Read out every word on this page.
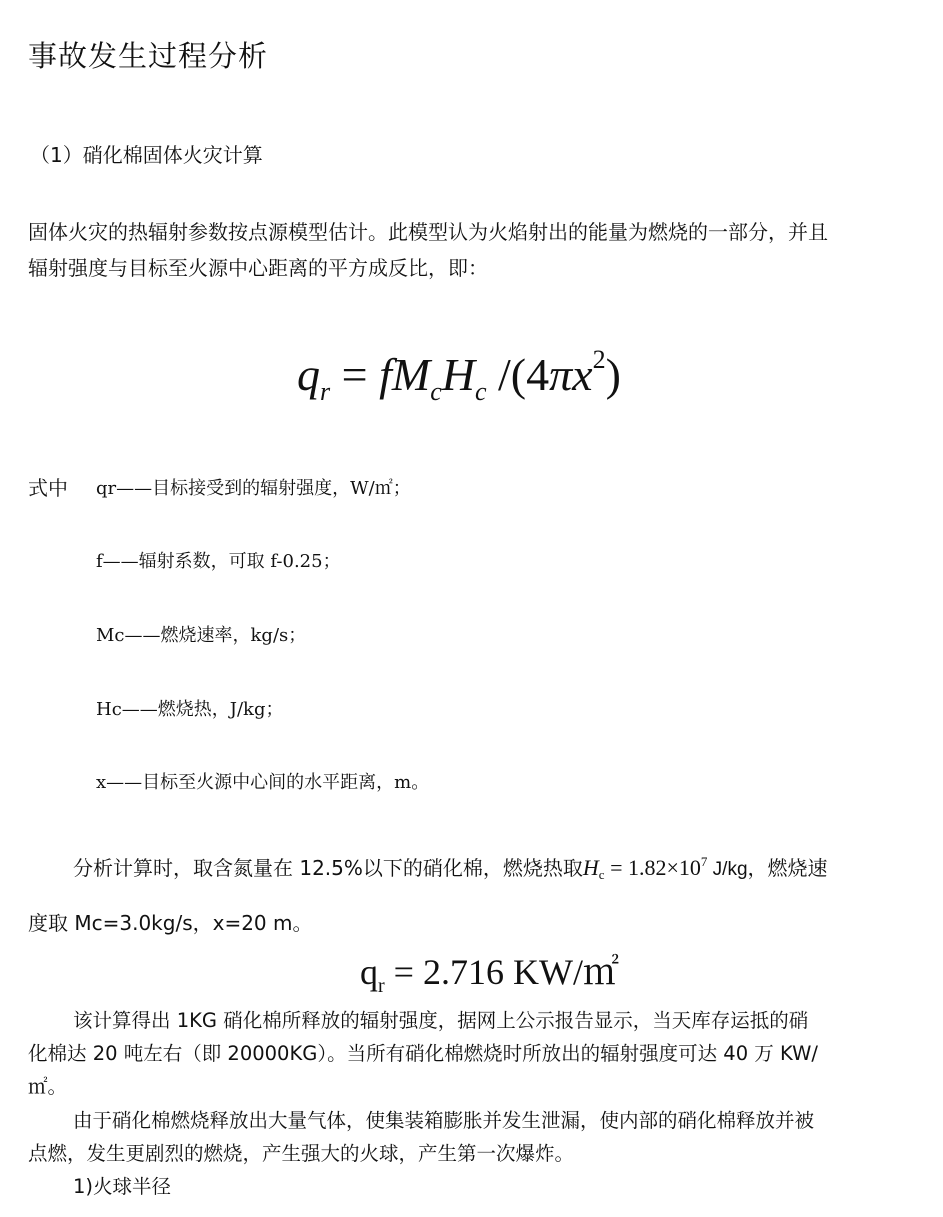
事故发生过程分析
（1）硝化棉固体火灾计算
固体火灾的热辐射参数按点源模型估计。此模型认为火焰射出的能量为燃烧的一部分，并且
辐射强度与目标至火源中心距离的平方成反比，即：
$q_r = fM_cH_c$ $/(4\pi x^2)$
式中 qr——目标接受到的辐射强度，W/㎡；
f——辐射系数，可取 f-0.25；
Mc——燃烧速率，kg/s；
Hc——燃烧热，J/kg；
x——目标至火源中心间的水平距离，m。
分析计算时，取含氮量在 12.5%以下的硝化棉，燃烧热取$H_c = 1.82\times 10^7$ J/kg，燃烧速
度取 Mc=3.0kg/s，x=20 m。
$q_r = 2.716$ KW/㎡
该计算得出 1KG 硝化棉所释放的辐射强度，据网上公示报告显示，当天库存运抵的硝
化棉达 20 吨左右（即 20000KG）。当所有硝化棉燃烧时所放出的辐射强度可达 40 万 KW/
㎡。
由于硝化棉燃烧释放出大量气体，使集装箱膨胀并发生泄漏，使内部的硝化棉释放并被
点燃，发生更剧烈的燃烧，产生强大的火球，产生第一次爆炸。
1)火球半径
